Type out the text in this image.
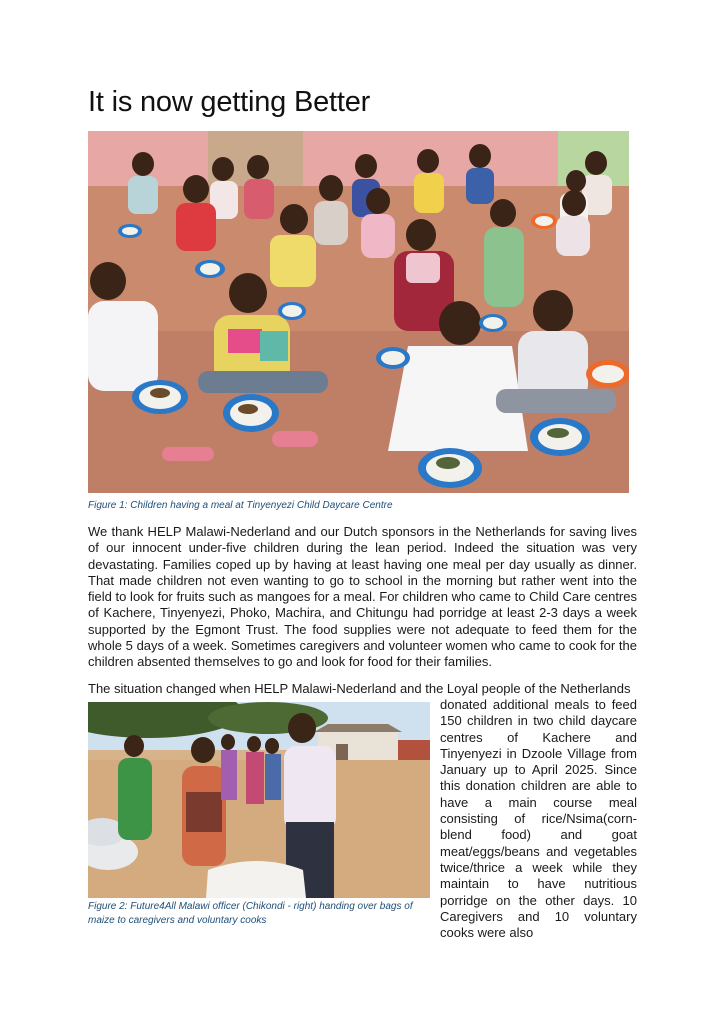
It is now getting Better
Figure 1: Children having a meal at Tinyenyezi Child Daycare Centre

We thank HELP Malawi-Nederland and our Dutch sponsors in the Netherlands for saving lives of our innocent under-five children during the lean period. Indeed the situation was very devastating. Families coped up by having at least having one meal per day usually as dinner. That made children not even wanting to go to school in the morning but rather went into the field to look for fruits such as mangoes for a meal. For children who came to Child Care centres of Kachere, Tinyenyezi, Phoko, Machira, and Chitungu had porridge at least 2-3 days a week supported by the Egmont Trust. The food supplies were not adequate to feed them for the whole 5 days of a week. Sometimes caregivers and volunteer women who came to cook for the children absented themselves to go and look for food for their families.

The situation changed when HELP Malawi-Nederland and the Loyal people of the Netherlands

Figure 2: Future4All Malawi officer (Chikondi - right) handing over bags of maize to caregivers and voluntary cooks

donated additional meals to feed 150 children in two child daycare centres of Kachere and Tinyenyezi in Dzoole Village from January up to April 2025. Since this donation children are able to have a main course meal consisting of rice/Nsima(corn-blend food) and goat meat/eggs/beans and vegetables twice/thrice a week while they maintain to have nutritious porridge on the other days. 10 Caregivers and 10 voluntary cooks were also
